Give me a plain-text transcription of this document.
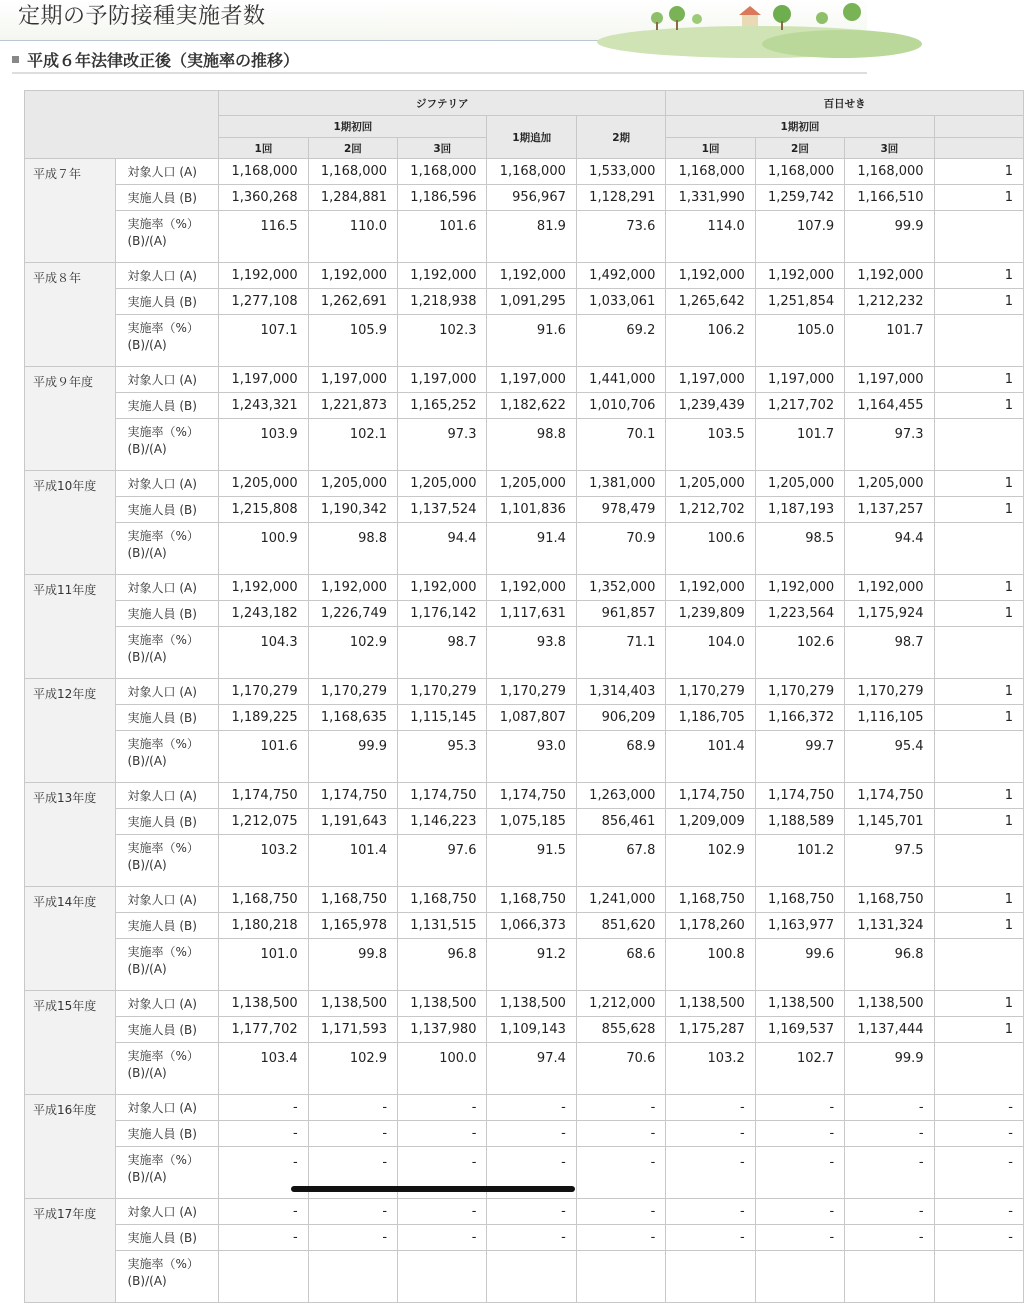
定期の予防接種実施者数
平成６年法律改正後（実施率の推移）
		ジフテリア					百日せき			
		1期初回			1期追加	2期	1期初回			
		1回	2回	3回			1回	2回	3回	
平成７年	対象人口 (A)	1,168,000	1,168,000	1,168,000	1,168,000	1,533,000	1,168,000	1,168,000	1,168,000	1
	実施人員 (B)	1,360,268	1,284,881	1,186,596	956,967	1,128,291	1,331,990	1,259,742	1,166,510	1

	実施率（%）
(B)/(A)	116.5	110.0	101.6	81.9	73.6	114.0	107.9	99.9	
平成８年	対象人口 (A)	1,192,000	1,192,000	1,192,000	1,192,000	1,492,000	1,192,000	1,192,000	1,192,000	1
	実施人員 (B)	1,277,108	1,262,691	1,218,938	1,091,295	1,033,061	1,265,642	1,251,854	1,212,232	1

	実施率（%）
(B)/(A)	107.1	105.9	102.3	91.6	69.2	106.2	105.0	101.7	
平成９年度	対象人口 (A)	1,197,000	1,197,000	1,197,000	1,197,000	1,441,000	1,197,000	1,197,000	1,197,000	1
	実施人員 (B)	1,243,321	1,221,873	1,165,252	1,182,622	1,010,706	1,239,439	1,217,702	1,164,455	1

	実施率（%）
(B)/(A)	103.9	102.1	97.3	98.8	70.1	103.5	101.7	97.3	
平成10年度	対象人口 (A)	1,205,000	1,205,000	1,205,000	1,205,000	1,381,000	1,205,000	1,205,000	1,205,000	1
	実施人員 (B)	1,215,808	1,190,342	1,137,524	1,101,836	978,479	1,212,702	1,187,193	1,137,257	1

	実施率（%）
(B)/(A)	100.9	98.8	94.4	91.4	70.9	100.6	98.5	94.4	
平成11年度	対象人口 (A)	1,192,000	1,192,000	1,192,000	1,192,000	1,352,000	1,192,000	1,192,000	1,192,000	1
	実施人員 (B)	1,243,182	1,226,749	1,176,142	1,117,631	961,857	1,239,809	1,223,564	1,175,924	1

	実施率（%）
(B)/(A)	104.3	102.9	98.7	93.8	71.1	104.0	102.6	98.7	
平成12年度	対象人口 (A)	1,170,279	1,170,279	1,170,279	1,170,279	1,314,403	1,170,279	1,170,279	1,170,279	1
	実施人員 (B)	1,189,225	1,168,635	1,115,145	1,087,807	906,209	1,186,705	1,166,372	1,116,105	1

	実施率（%）
(B)/(A)	101.6	99.9	95.3	93.0	68.9	101.4	99.7	95.4	
平成13年度	対象人口 (A)	1,174,750	1,174,750	1,174,750	1,174,750	1,263,000	1,174,750	1,174,750	1,174,750	1
	実施人員 (B)	1,212,075	1,191,643	1,146,223	1,075,185	856,461	1,209,009	1,188,589	1,145,701	1

	実施率（%）
(B)/(A)	103.2	101.4	97.6	91.5	67.8	102.9	101.2	97.5	
平成14年度	対象人口 (A)	1,168,750	1,168,750	1,168,750	1,168,750	1,241,000	1,168,750	1,168,750	1,168,750	1
	実施人員 (B)	1,180,218	1,165,978	1,131,515	1,066,373	851,620	1,178,260	1,163,977	1,131,324	1

	実施率（%）
(B)/(A)	101.0	99.8	96.8	91.2	68.6	100.8	99.6	96.8	
平成15年度	対象人口 (A)	1,138,500	1,138,500	1,138,500	1,138,500	1,212,000	1,138,500	1,138,500	1,138,500	1
	実施人員 (B)	1,177,702	1,171,593	1,137,980	1,109,143	855,628	1,175,287	1,169,537	1,137,444	1

	実施率（%）
(B)/(A)	103.4	102.9	100.0	97.4	70.6	103.2	102.7	99.9	
平成16年度	対象人口 (A)	-	-	-	-	-	-	-	-	-
	実施人員 (B)	-	-	-	-	-	-	-	-	-

	実施率（%）
(B)/(A)	-	-	-	-	-	-	-	-	-
平成17年度	対象人口 (A)	-	-	-	-	-	-	-	-	-
	実施人員 (B)	-	-	-	-	-	-	-	-	-

	実施率（%）
(B)/(A)									
